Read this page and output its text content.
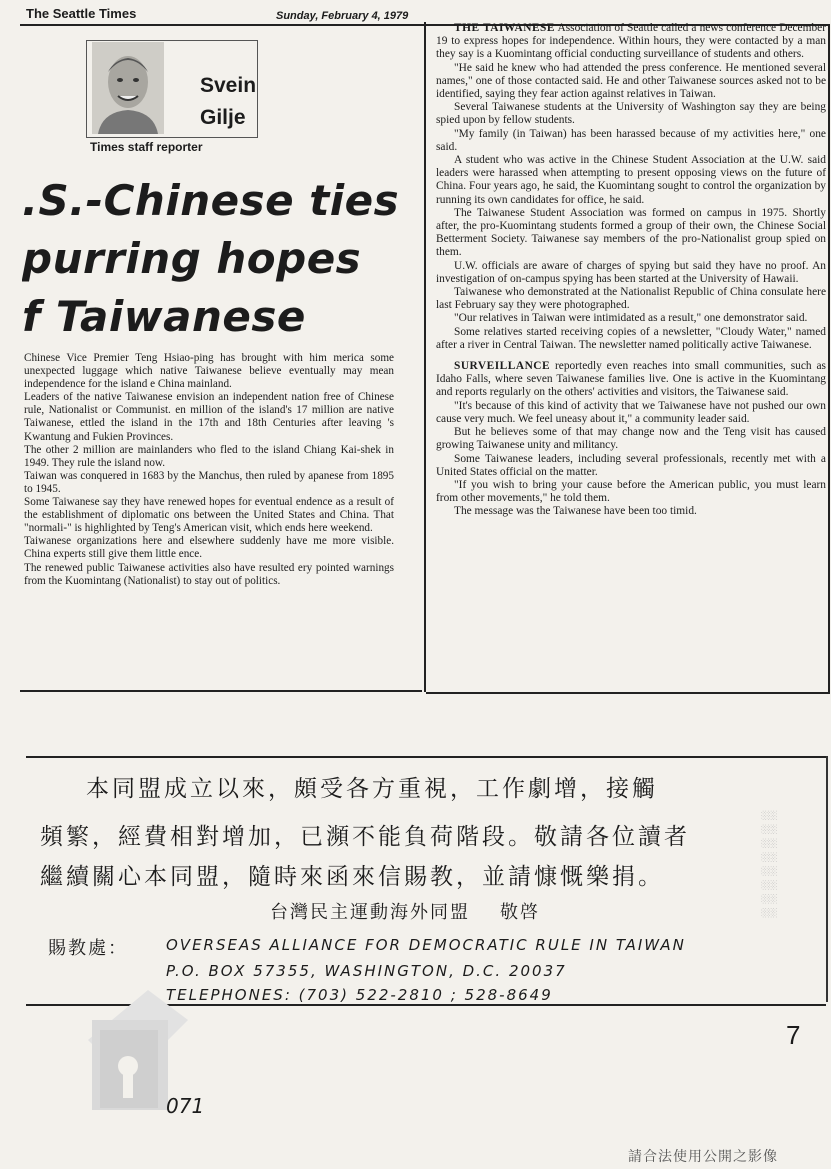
The Seattle Times	Sunday, February 4, 1979
Svein
Gilje
Times staff reporter
.S.-Chinese ties
purring hopes
f Taiwanese

Chinese Vice Premier Teng Hsiao-ping has brought with him merica some unexpected luggage which native Taiwanese believe eventually may mean independence for the island e China mainland.

Leaders of the native Taiwanese envision an independent nation free of Chinese rule, Nationalist or Communist. en million of the island's 17 million are native Taiwanese, ettled the island in the 17th and 18th Centuries after leaving 's Kwantung and Fukien Provinces.

The other 2 million are mainlanders who fled to the island Chiang Kai-shek in 1949. They rule the island now.

Taiwan was conquered in 1683 by the Manchus, then ruled by apanese from 1895 to 1945.

Some Taiwanese say they have renewed hopes for eventual endence as a result of the establishment of diplomatic ons between the United States and China. That "normali-" is highlighted by Teng's American visit, which ends here weekend.

Taiwanese organizations here and elsewhere suddenly have me more visible. China experts still give them little ence.

The renewed public Taiwanese activities also have resulted ery pointed warnings from the Kuomintang (Nationalist) to stay out of politics.

THE TAIWANESE Association of Seattle called a news conference December 19 to express hopes for independence. Within hours, they were contacted by a man they say is a Kuomintang official conducting surveillance of students and others.

"He said he knew who had attended the press conference. He mentioned several names," one of those contacted said. He and other Taiwanese sources asked not to be identified, saying they fear action against relatives in Taiwan.

Several Taiwanese students at the University of Washington say they are being spied upon by fellow students.

"My family (in Taiwan) has been harassed because of my activities here," one said.

A student who was active in the Chinese Student Association at the U.W. said leaders were harassed when attempting to present opposing views on the future of China. Four years ago, he said, the Kuomintang sought to control the organization by running its own candidates for office, he said.

The Taiwanese Student Association was formed on campus in 1975. Shortly after, the pro-Kuomintang students formed a group of their own, the Chinese Social Betterment Society. Taiwanese say members of the pro-Nationalist group spied on them.

U.W. officials are aware of charges of spying but said they have no proof. An investigation of on-campus spying has been started at the University of Hawaii.

Taiwanese who demonstrated at the Nationalist Republic of China consulate here last February say they were photographed.

"Our relatives in Taiwan were intimidated as a result," one demonstrator said.

Some relatives started receiving copies of a newsletter, "Cloudy Water," named after a river in Central Taiwan. The newsletter named politically active Taiwanese.

SURVEILLANCE reportedly even reaches into small communities, such as Idaho Falls, where seven Taiwanese families live. One is active in the Kuomintang and reports regularly on the others' activities and visitors, the Taiwanese said.

"It's because of this kind of activity that we Taiwanese have not pushed our own cause very much. We feel uneasy about it," a community leader said.

But he believes some of that may change now and the Teng visit has caused growing Taiwanese unity and militancy.

Some Taiwanese leaders, including several professionals, recently met with a United States official on the matter.

"If you wish to bring your cause before the American public, you must learn from other movements," he told them.

The message was the Taiwanese have been too timid.

░░░░░░░░
本同盟成立以來，頗受各方重視，工作劇增，接觸
頻繁，經費相對增加，已瀕不能負荷階段。敬請各位讀者
繼續關心本同盟，隨時來函來信賜教，並請慷慨樂捐。
台灣民主運動海外同盟 敬啓
賜教處：	OVERSEAS ALLIANCE FOR DEMOCRATIC RULE IN TAIWAN
P.O. BOX 57355, WASHINGTON, D.C. 20037
TELEPHONES: (703) 522-2810 ; 528-8649
7
071
請合法使用公開之影像
